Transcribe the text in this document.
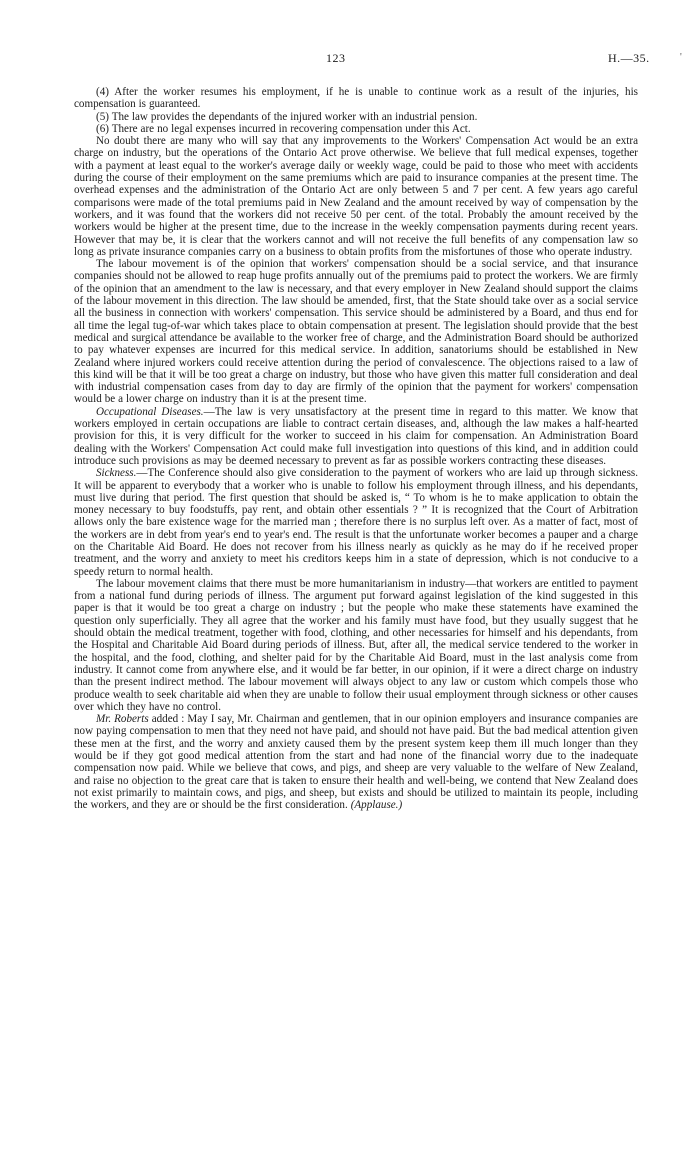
123	H.—35.	'

(4) After the worker resumes his employment, if he is unable to continue work as a result of the injuries, his compensation is guaranteed.

(5) The law provides the dependants of the injured worker with an industrial pension.

(6) There are no legal expenses incurred in recovering compensation under this Act.

No doubt there are many who will say that any improvements to the Workers' Compensation Act would be an extra charge on industry, but the operations of the Ontario Act prove otherwise. We believe that full medical expenses, together with a payment at least equal to the worker's average daily or weekly wage, could be paid to those who meet with accidents during the course of their employment on the same premiums which are paid to insurance companies at the present time. The overhead expenses and the administration of the Ontario Act are only between 5 and 7 per cent. A few years ago careful comparisons were made of the total premiums paid in New Zealand and the amount received by way of compensation by the workers, and it was found that the workers did not receive 50 per cent. of the total. Probably the amount received by the workers would be higher at the present time, due to the increase in the weekly compensation payments during recent years. However that may be, it is clear that the workers cannot and will not receive the full benefits of any compensation law so long as private insurance companies carry on a business to obtain profits from the misfortunes of those who operate industry.

The labour movement is of the opinion that workers' compensation should be a social service, and that insurance companies should not be allowed to reap huge profits annually out of the premiums paid to protect the workers. We are firmly of the opinion that an amendment to the law is necessary, and that every employer in New Zealand should support the claims of the labour movement in this direction. The law should be amended, first, that the State should take over as a social service all the business in connection with workers' compensation. This service should be administered by a Board, and thus end for all time the legal tug-of-war which takes place to obtain compensation at present. The legislation should provide that the best medical and surgical attendance be available to the worker free of charge, and the Administration Board should be authorized to pay whatever expenses are incurred for this medical service. In addition, sanatoriums should be established in New Zealand where injured workers could receive attention during the period of convalescence. The objections raised to a law of this kind will be that it will be too great a charge on industry, but those who have given this matter full consideration and deal with industrial compensation cases from day to day are firmly of the opinion that the payment for workers' compensation would be a lower charge on industry than it is at the present time.

Occupational Diseases.—The law is very unsatisfactory at the present time in regard to this matter. We know that workers employed in certain occupations are liable to contract certain diseases, and, although the law makes a half-hearted provision for this, it is very difficult for the worker to succeed in his claim for compensation. An Administration Board dealing with the Workers' Compensation Act could make full investigation into questions of this kind, and in addition could introduce such provisions as may be deemed necessary to prevent as far as possible workers contracting these diseases.

Sickness.—The Conference should also give consideration to the payment of workers who are laid up through sickness. It will be apparent to everybody that a worker who is unable to follow his employment through illness, and his dependants, must live during that period. The first question that should be asked is, “ To whom is he to make application to obtain the money necessary to buy foodstuffs, pay rent, and obtain other essentials ? ” It is recognized that the Court of Arbitration allows only the bare existence wage for the married man ; therefore there is no surplus left over. As a matter of fact, most of the workers are in debt from year's end to year's end. The result is that the unfortunate worker becomes a pauper and a charge on the Charitable Aid Board. He does not recover from his illness nearly as quickly as he may do if he received proper treatment, and the worry and anxiety to meet his creditors keeps him in a state of depression, which is not conducive to a speedy return to normal health.

The labour movement claims that there must be more humanitarianism in industry—that workers are entitled to payment from a national fund during periods of illness. The argument put forward against legislation of the kind suggested in this paper is that it would be too great a charge on industry ; but the people who make these statements have examined the question only superficially. They all agree that the worker and his family must have food, but they usually suggest that he should obtain the medical treatment, together with food, clothing, and other necessaries for himself and his dependants, from the Hospital and Charitable Aid Board during periods of illness. But, after all, the medical service tendered to the worker in the hospital, and the food, clothing, and shelter paid for by the Charitable Aid Board, must in the last analysis come from industry. It cannot come from anywhere else, and it would be far better, in our opinion, if it were a direct charge on industry than the present indirect method. The labour movement will always object to any law or custom which compels those who produce wealth to seek charitable aid when they are unable to follow their usual employment through sickness or other causes over which they have no control.

Mr. Roberts added : May I say, Mr. Chairman and gentlemen, that in our opinion employers and insurance companies are now paying compensation to men that they need not have paid, and should not have paid. But the bad medical attention given these men at the first, and the worry and anxiety caused them by the present system keep them ill much longer than they would be if they got good medical attention from the start and had none of the financial worry due to the inadequate compensation now paid. While we believe that cows, and pigs, and sheep are very valuable to the welfare of New Zealand, and raise no objection to the great care that is taken to ensure their health and well-being, we contend that New Zealand does not exist primarily to maintain cows, and pigs, and sheep, but exists and should be utilized to maintain its people, including the workers, and they are or should be the first consideration. (Applause.)
